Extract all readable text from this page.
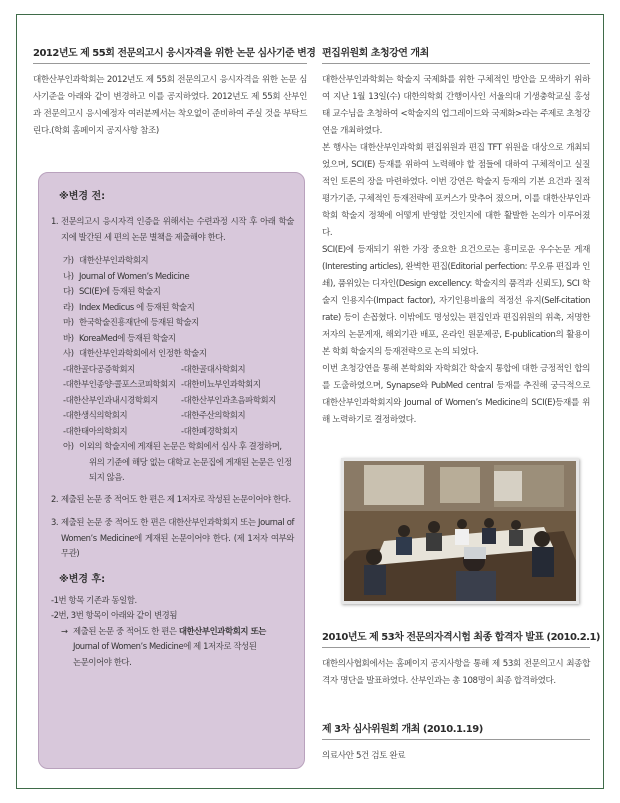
2012년도 제 55회 전문의고시 응시자격을 위한 논문 심사기준 변경

대한산부인과학회는 2012년도 제 55회 전문의고시 응시자격을 위한 논문 심사기준을 아래와 같이 변경하고 이를 공지하였다. 2012년도 제 55회 산부인과 전문의고시 응시예정자 여러분께서는 착오없이 준비하여 주실 것을 부탁드린다.(학회 홈페이지 공지사항 참조)

※변경 전:
1. 전문의고시 응시자격 인증을 위해서는 수련과정 시작 후 아래 학술지에 발간된 세 편의 논문 별책을 제출해야 한다.
가) 대한산부인과학회지
나) Journal of Women’s Medicine
다) SCI(E)에 등재된 학술지
라) Index Medicus 에 등재된 학술지
마) 한국학술진흥재단에 등재된 학술지
바) KoreaMed에 등재된 학술지
사) 대한산부인과학회에서 인정한 학술지
-대한골다공증학회지	-대한골대사학회지
-대한부인종양·콜포스코피학회지 -대한비뇨부인과학회지
-대한산부인과내시경학회지	-대한산부인과초음파학회지
-대한생식의학회지	-대한주산의학회지
-대한태아의학회지	-대한폐경학회지
아) 이외의 학술지에 게재된 논문은 학회에서 심사 후 결정하며,
위의 기준에 해당 없는 대학교 논문집에 게재된 논문은 인정되지 않음.
2. 제출된 논문 중 적어도 한 편은 제 1저자로 작성된 논문이어야 한다.
3. 제출된 논문 중 적어도 한 편은 대한산부인과학회지 또는 Journal of Women’s Medicine에 게재된 논문이어야 한다. (제 1저자 여부와 무관)
※변경 후:
-1번 항목 기존과 동일함.
-2번, 3번 항목이 아래와 같이 변경됨
→ 제출된 논문 중 적어도 한 편은 대한산부인과학회지 또는
Journal of Women’s Medicine에 제 1저자로 작성된
논문이어야 한다.
편집위원회 초청강연 개최

대한산부인과학회는 학술지 국제화를 위한 구체적인 방안을 모색하기 위하여 지난 1월 13일(수) 대한의학회 간행이사인 서울의대 기생충학교실 홍성태 교수님을 초청하여 <학술지의 업그레이드와 국제화>라는 주제로 초청강연을 개최하였다.

본 행사는 대한산부인과학회 편집위원과 편집 TFT 위원을 대상으로 개최되었으며, SCI(E) 등재를 위하여 노력해야 할 점들에 대하여 구체적이고 실질적인 토론의 장을 마련하였다. 이번 강연은 학술지 등재의 기본 요건과 질적 평가기준, 구체적인 등재전략에 포커스가 맞추어 졌으며, 이를 대한산부인과학회 학술지 정책에 어떻게 반영할 것인지에 대한 활발한 논의가 이루어졌다.

SCI(E)에 등재되기 위한 가장 중요한 요건으로는 흥미로운 우수논문 게재(Interesting articles), 완벽한 편집(Editorial perfection: 무오류 편집과 인쇄), 품위있는 디자인(Design excellency: 학술지의 품격과 신뢰도), SCI 학술지 인용지수(Impact factor), 자기인용비율의 적정선 유지(Self-citation rate) 등이 손꼽혔다. 이밖에도 명성있는 편집인과 편집위원의 위촉, 저명한 저자의 논문게재, 해외기관 배포, 온라인 원문제공, E-publication의 활용이 본 학회 학술지의 등재전략으로 논의 되었다.

이번 초청강연을 통해 본학회와 자학회간 학술지 통합에 대한 긍정적인 합의를 도출하였으며, Synapse와 PubMed central 등재를 추진해 궁극적으로 대한산부인과학회지와 Journal of Women’s Medicine의 SCI(E)등재를 위해 노력하기로 결정하였다.

2010년도 제 53차 전문의자격시험 최종 합격자 발표 (2010.2.1)

대한의사협회에서는 홈페이지 공지사항을 통해 제 53회 전문의고시 최종합격자 명단을 발표하였다. 산부인과는 총 108명이 최종 합격하였다.

제 3차 심사위원회 개최 (2010.1.19)

의료사안 5건 검토 완료
